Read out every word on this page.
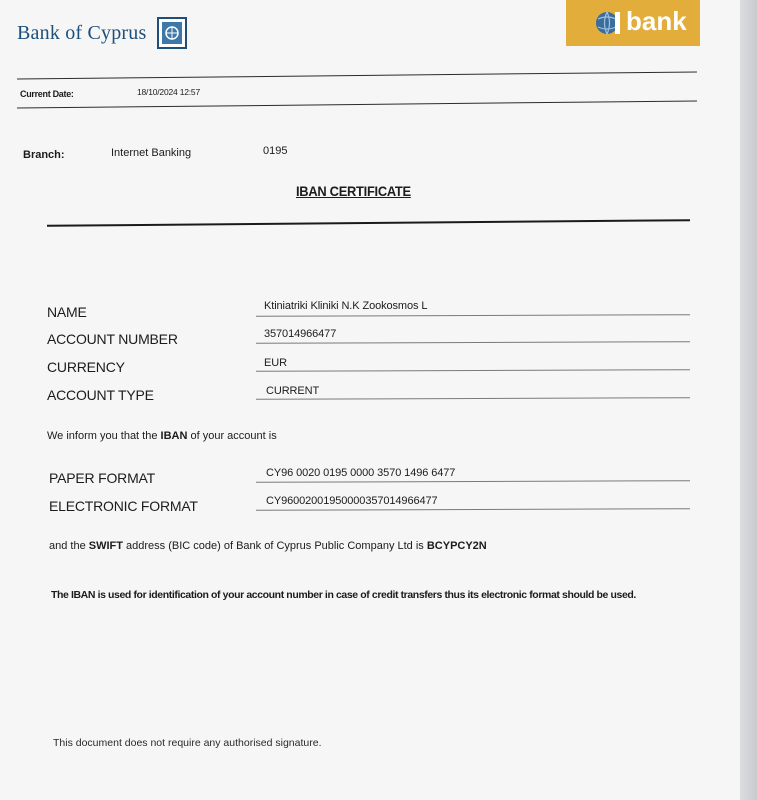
Bank of Cyprus	bank
Current Date:	18/10/2024 12:57
Branch:	Internet Banking	0195
IBAN CERTIFICATE
NAME	Ktiniatriki Kliniki N.K Zookosmos L
ACCOUNT NUMBER	357014966477
CURRENCY	EUR
ACCOUNT TYPE	CURRENT
We inform you that the IBAN of your account is
PAPER FORMAT	CY96 0020 0195 0000 3570 1496 6477
ELECTRONIC FORMAT	CY96002001950000357014966477
and the SWIFT address (BIC code) of Bank of Cyprus Public Company Ltd is BCYPCY2N
The IBAN is used for identification of your account number in case of credit transfers thus its electronic format should be used.
This document does not require any authorised signature.
